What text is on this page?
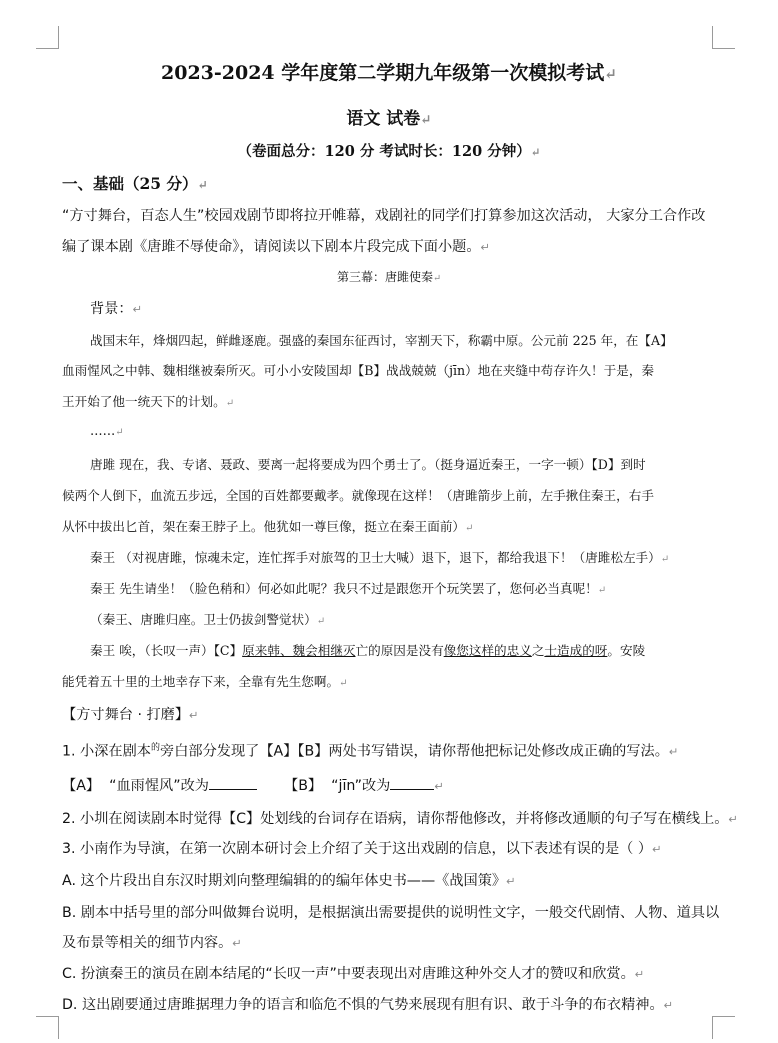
2023-2024 学年度第二学期九年级第一次模拟考试↵
语文 试卷↵
（卷面总分：120 分 考试时长：120 分钟）↵
一、基础（25 分）↵
“方寸舞台，百态人生”校园戏剧节即将拉开帷幕，戏剧社的同学们打算参加这次活动， 大家分工合作改
编了课本剧《唐雎不辱使命》，请阅读以下剧本片段完成下面小题。↵
第三幕：唐雎使秦↵
背景：↵
战国末年，烽烟四起，鲜雌逐鹿。强盛的秦国东征西讨，宰割天下，称霸中原。公元前 225 年，在【A】
血雨惺风之中韩、魏相继被秦所灭。可小小安陵国却【B】战战兢兢（jīn）地在夹缝中苟存许久！于是，秦
王开始了他一统天下的计划。↵
……↵
唐雎 现在，我、专诸、聂政、要离一起将要成为四个勇士了。（挺身逼近秦王，一字一顿）【D】到时
候两个人倒下，血流五步远，全国的百姓都要戴孝。就像现在这样！（唐雎箭步上前，左手揪住秦王，右手
从怀中拔出匕首，架在秦王脖子上。他犹如一尊巨像，挺立在秦王面前）↵
秦王 （对视唐雎，惊魂未定，连忙挥手对旅驾的卫士大喊）退下，退下，都给我退下！（唐雎松左手）↵
秦王 先生请坐！（脸色稍和）何必如此呢？我只不过是跟您开个玩笑罢了，您何必当真呢！↵
（秦王、唐雎归座。卫士仍拔剑警觉状）↵
秦王 唉，（长叹一声）【C】原来韩、魏会相继灭亡的原因是没有像您这样的忠义之士造成的呀。安陵
能凭着五十里的土地幸存下来，全靠有先生您啊。↵
【方寸舞台 · 打磨】↵
1. 小深在剧本$^的$旁白部分发现了【A】【B】两处书写错误，请你帮他把标记处修改成正确的写法。↵
【A】 “血雨惺风”改为	【B】 “jīn”改为	↵
2. 小圳在阅读剧本时觉得【C】处划线的台词存在语病，请你帮他修改，并将修改通顺的句子写在横线上。↵
3. 小南作为导演，在第一次剧本研讨会上介绍了关于这出戏剧的信息，以下表述有误的是（ ）↵
A. 这个片段出自东汉时期刘向整理编辑的的编年体史书——《战国策》↵
B. 剧本中括号里的部分叫做舞台说明，是根据演出需要提供的说明性文字，一般交代剧情、人物、道具以
及布景等相关的细节内容。↵
C. 扮演秦王的演员在剧本结尾的“长叹一声”中要表现出对唐雎这种外交人才的赞叹和欣赏。↵
D. 这出剧要通过唐雎据理力争的语言和临危不惧的气势来展现有胆有识、敢于斗争的布衣精神。↵
